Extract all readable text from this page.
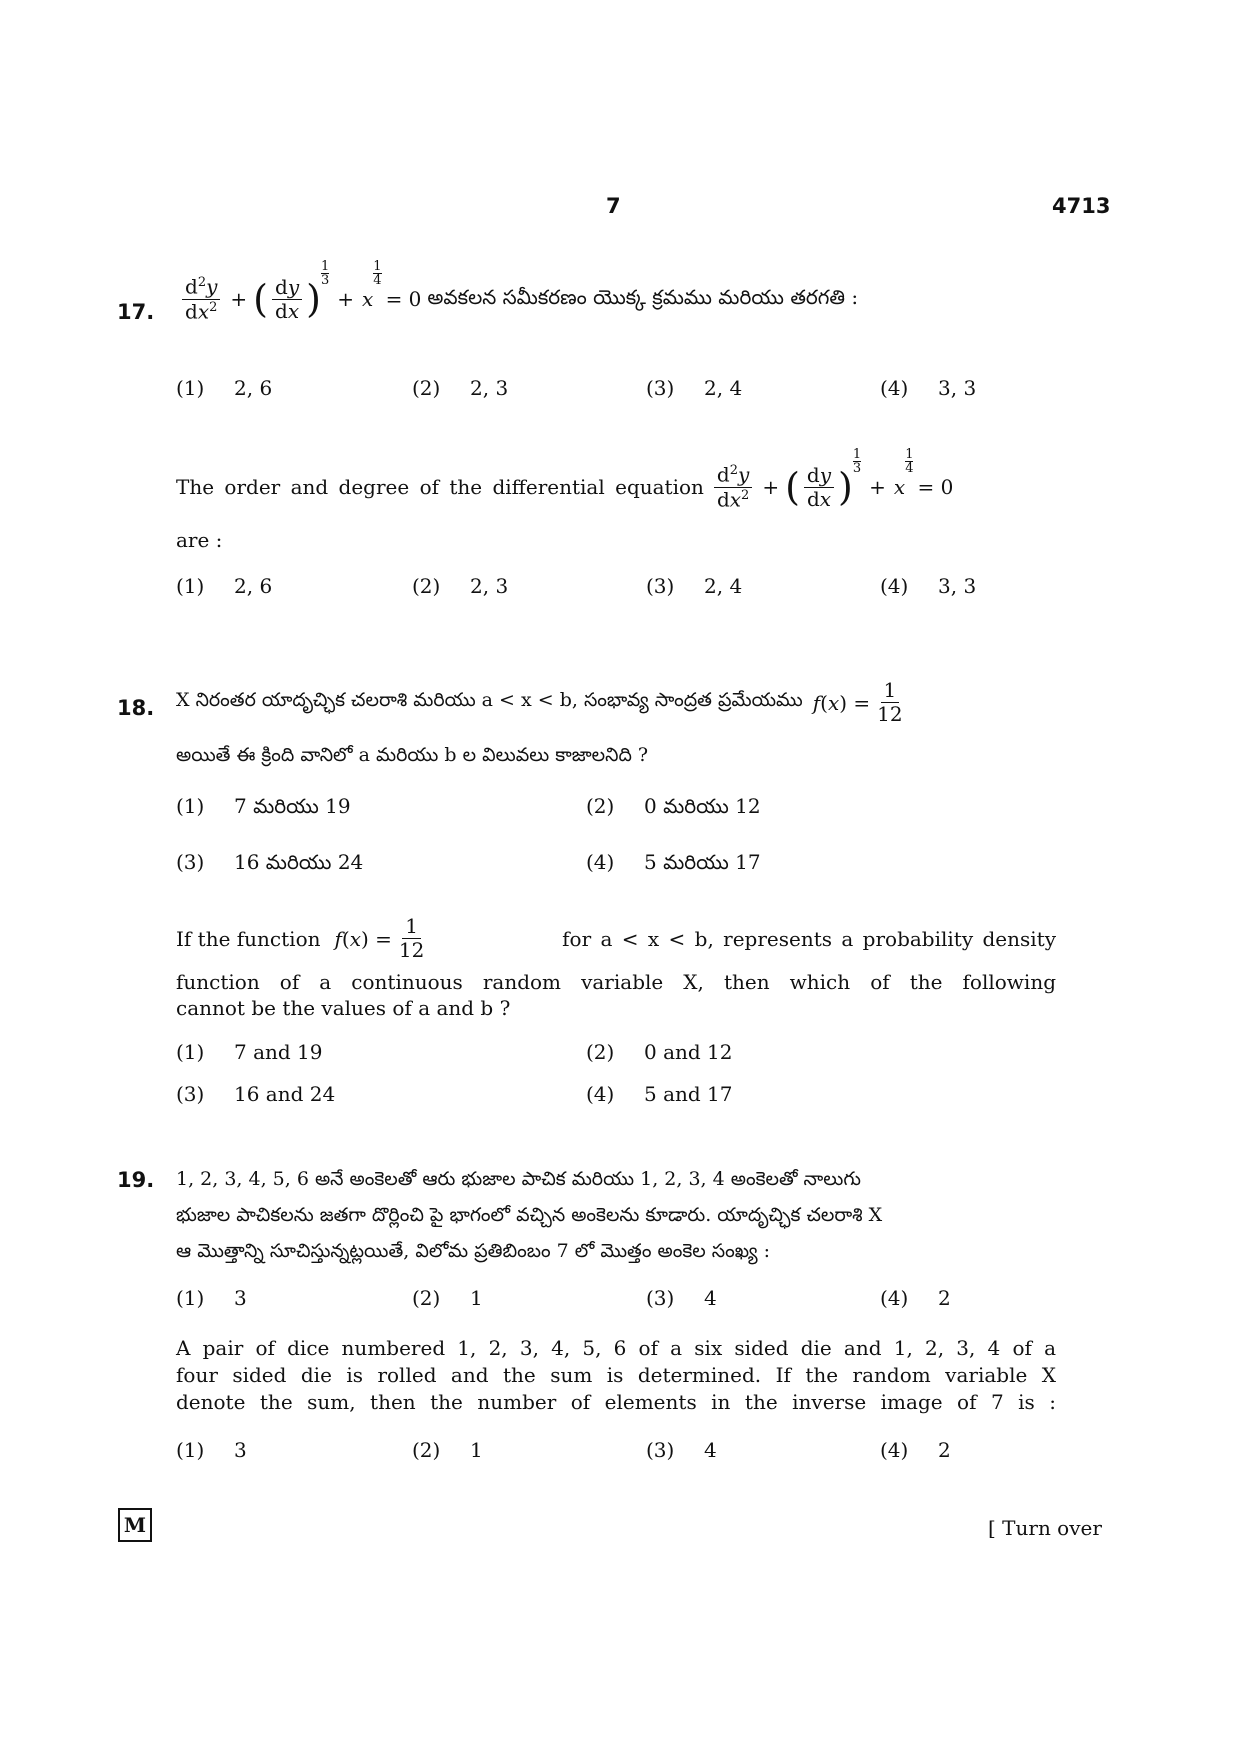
7	4713
17. $\frac{d^2y}{dx^2}$ + ( $\frac{dy}{dx}$ )
1
3
+ x
$\frac{1}{4}$
= 0 అవకలన సమీకరణం యొక్క క్రమము మరియు తరగతి :
(1) 2, 6	(2) 2, 3	(3) 2, 4	(4) 3, 3
The order and degree of the differential equation $\frac{d^2y}{dx^2}$ + ( $\frac{dy}{dx}$ )
1
3
+ x
$\frac{1}{4}$
= 0
are :
(1) 2, 6	(2) 2, 3	(3) 2, 4	(4) 3, 3
18. X నిరంతర యాదృచ్ఛిక చలరాశి మరియు a < x < b, సంభావ్య సాంద్రత ప్రమేయము $f(x) = \frac{1}{12}$
అయితే ఈ క్రింది వానిలో a మరియు b ల విలువలు కాజాలనిది ?
(1) 7 మరియు 19	(2) 0 మరియు 12
(3) 16 మరియు 24	(4) 5 మరియు 17
If the function $f(x) = \frac{1}{12}$	for a < x < b, represents a probability density
function of a continuous random variable X, then which of the following
cannot be the values of a and b ?
(1) 7 and 19	(2) 0 and 12
(3) 16 and 24	(4) 5 and 17
19. 1, 2, 3, 4, 5, 6 అనే అంకెలతో ఆరు భుజాల పాచిక మరియు 1, 2, 3, 4 అంకెలతో నాలుగు
భుజాల పాచికలను జతగా దొర్లించి పై భాగంలో వచ్చిన అంకెలను కూడారు. యాదృచ్ఛిక చలరాశి X
ఆ మొత్తాన్ని సూచిస్తున్నట్లయితే, విలోమ ప్రతిబింబం 7 లో మొత్తం అంకెల సంఖ్య :
(1) 3	(2) 1	(3) 4	(4) 2
A pair of dice numbered 1, 2, 3, 4, 5, 6 of a six sided die and 1, 2, 3, 4 of a
four sided die is rolled and the sum is determined. If the random variable X
denote the sum, then the number of elements in the inverse image of 7 is :
(1) 3	(2) 1	(3) 4	(4) 2
M	[ Turn over
